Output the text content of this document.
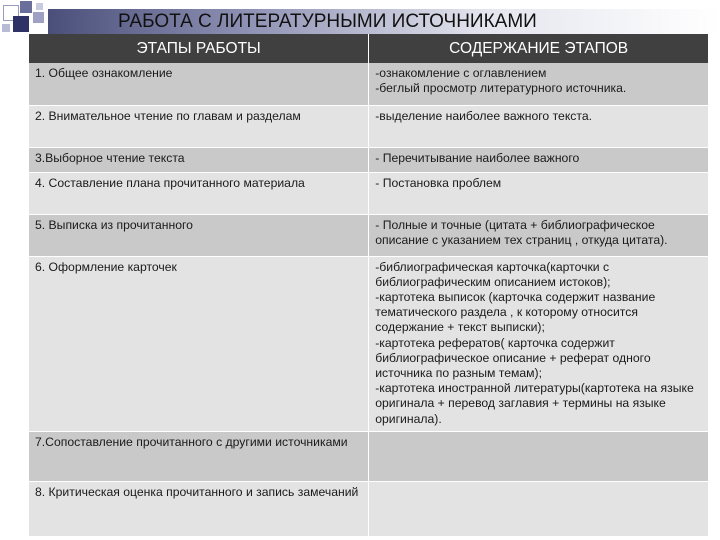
РАБОТА С ЛИТЕРАТУРНЫМИ ИСТОЧНИКАМИ
ЭТАПЫ РАБОТЫ	СОДЕРЖАНИЕ ЭТАПОВ
1. Общее ознакомление	-ознакомление с оглавлением
-беглый просмотр литературного источника.
2. Внимательное чтение по главам и разделам	-выделение наиболее важного текста.
3.Выборное чтение текста	- Перечитывание наиболее важного
4. Составление плана прочитанного материала	- Постановка проблем
5. Выписка из прочитанного	- Полные и точные (цитата + библиографическое описание с указанием тех страниц , откуда цитата).
6. Оформление карточек	-библиографическая карточка(карточки с библиографическим описанием истоков);
-картотека выписок (карточка содержит название тематического раздела , к которому относится содержание + текст выписки);
-картотека рефератов( карточка содержит библиографическое описание + реферат одного источника по разным темам);
-картотека иностранной литературы(картотека на языке оригинала + перевод заглавия + термины на языке оригинала).
7.Сопоставление прочитанного с другими источниками	
8. Критическая оценка прочитанного и запись замечаний	
